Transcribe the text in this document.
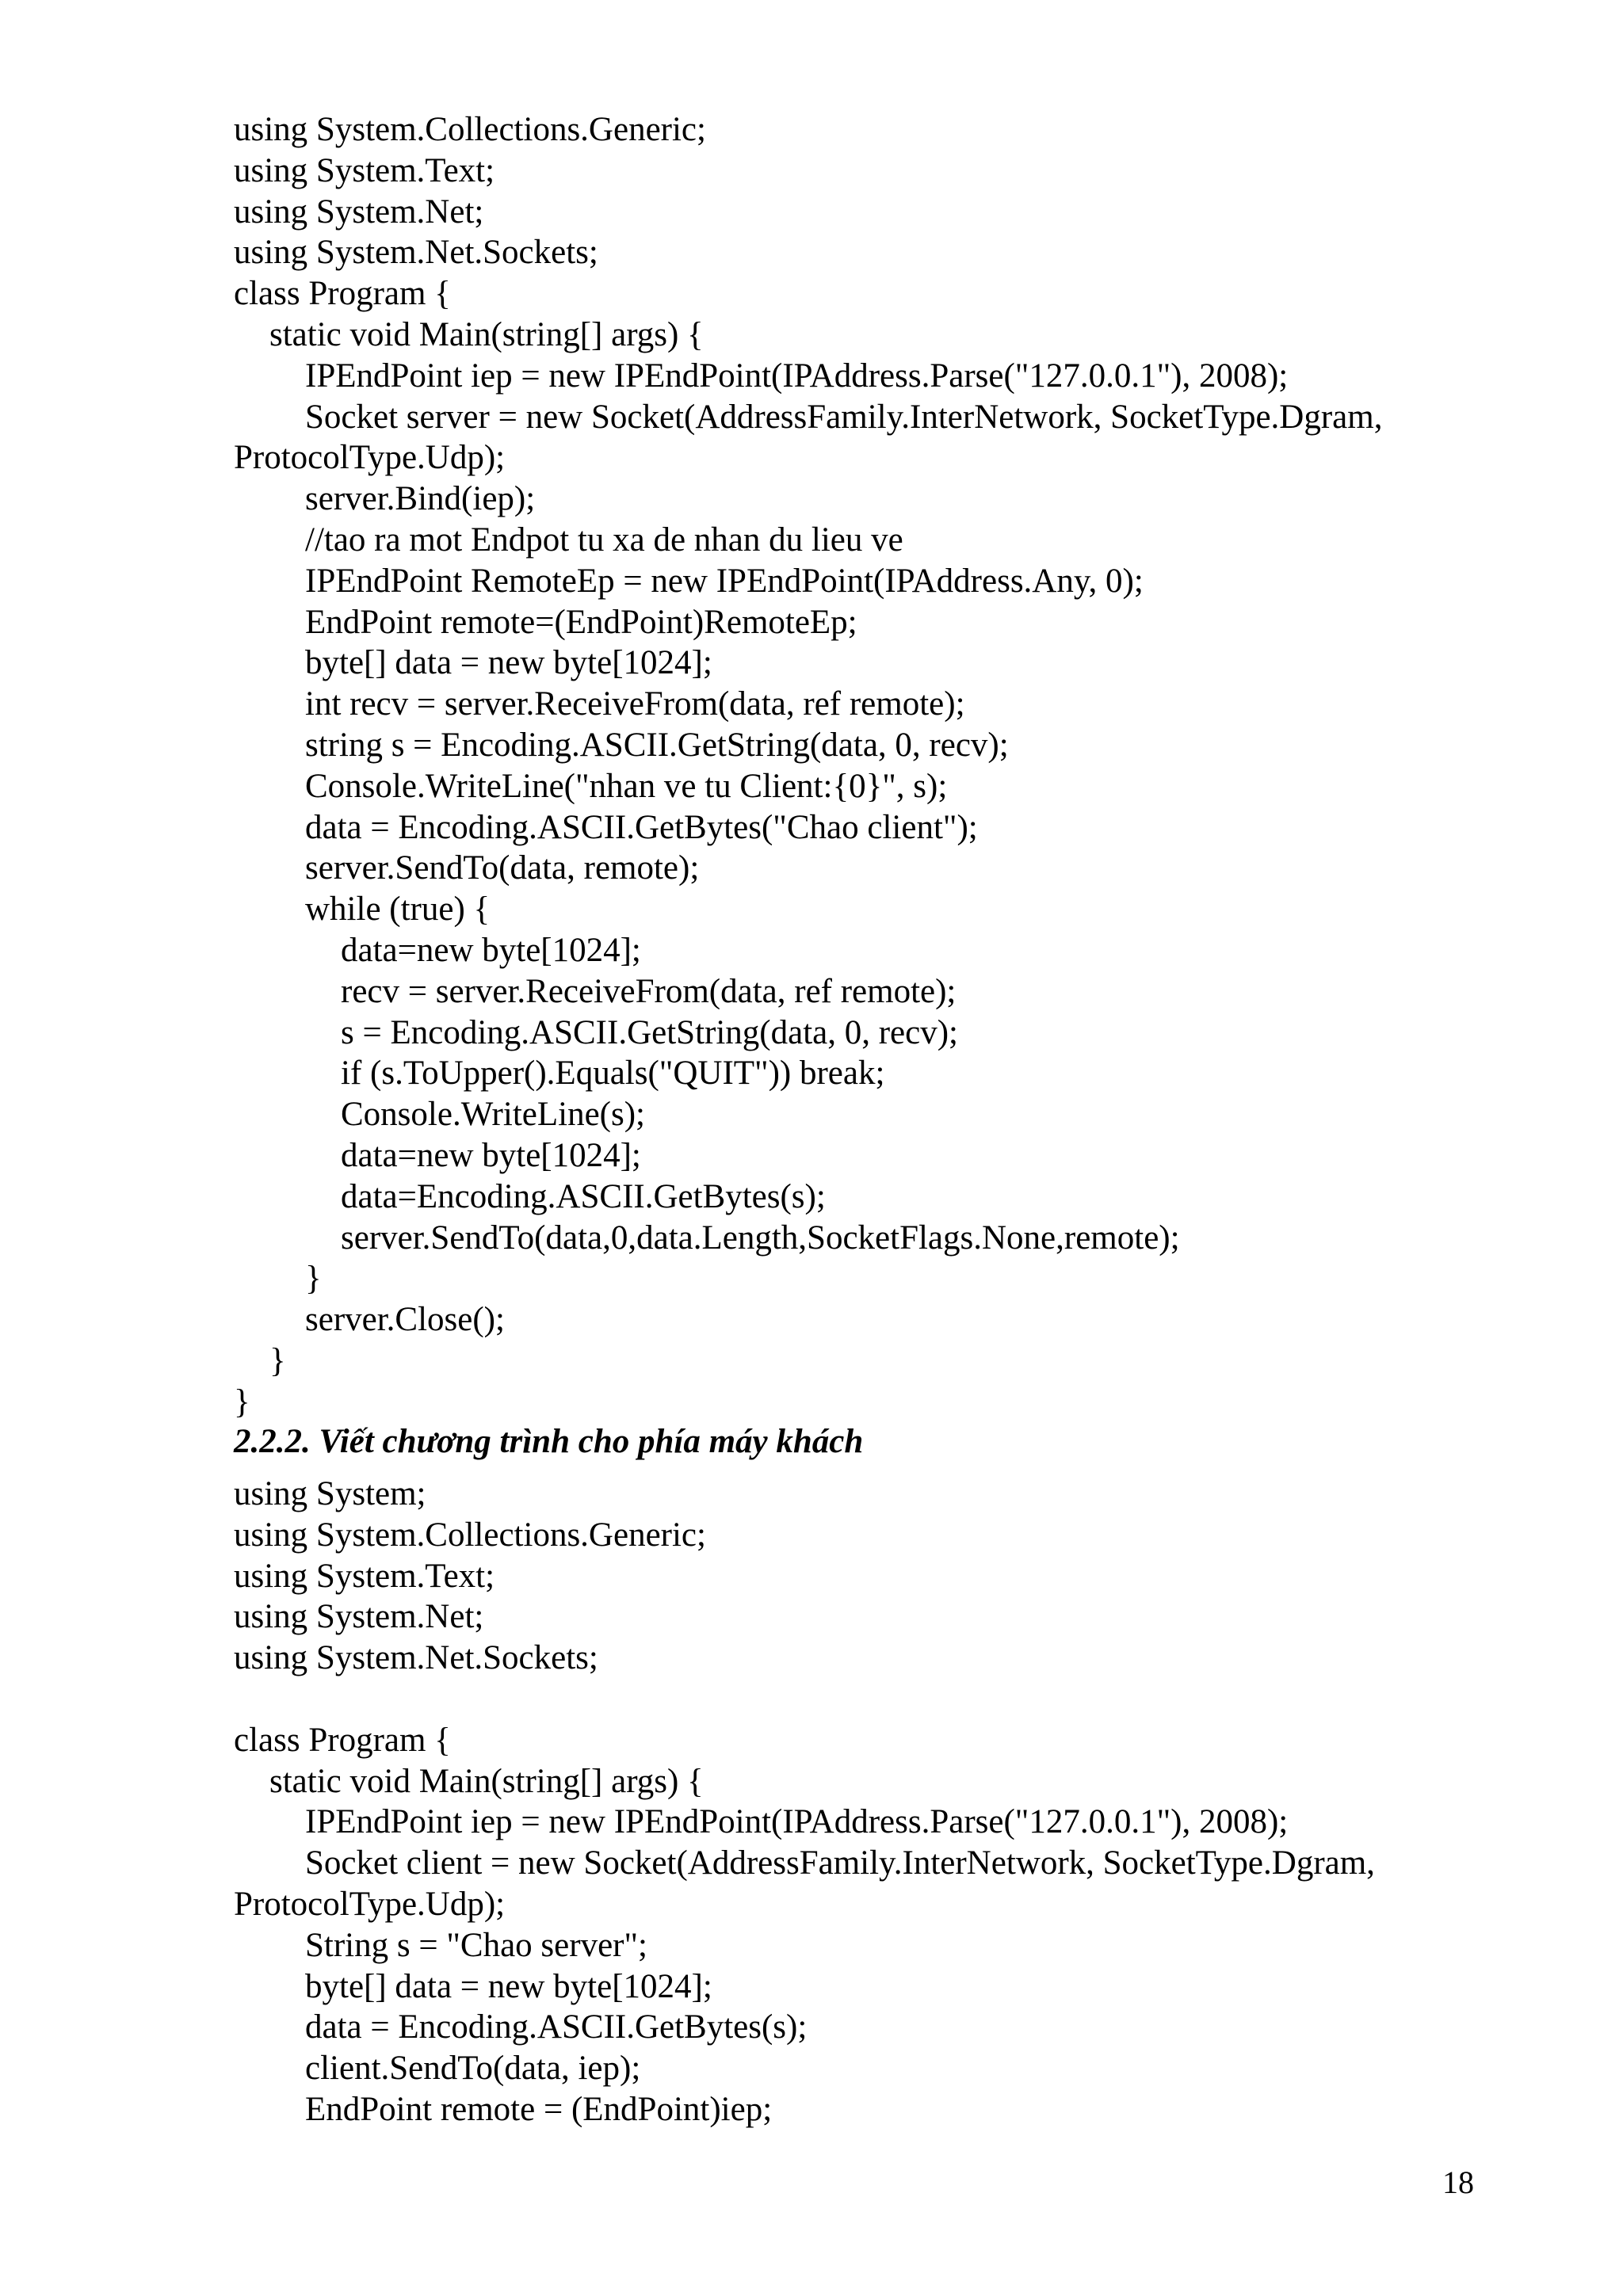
using System.Collections.Generic;
using System.Text;
using System.Net;
using System.Net.Sockets;
class Program {
static void Main(string[] args) {
IPEndPoint iep = new IPEndPoint(IPAddress.Parse("127.0.0.1"), 2008);
Socket server = new Socket(AddressFamily.InterNetwork, SocketType.Dgram,
ProtocolType.Udp);
server.Bind(iep);
//tao ra mot Endpot tu xa de nhan du lieu ve
IPEndPoint RemoteEp = new IPEndPoint(IPAddress.Any, 0);
EndPoint remote=(EndPoint)RemoteEp;
byte[] data = new byte[1024];
int recv = server.ReceiveFrom(data, ref remote);
string s = Encoding.ASCII.GetString(data, 0, recv);
Console.WriteLine("nhan ve tu Client:{0}", s);
data = Encoding.ASCII.GetBytes("Chao client");
server.SendTo(data, remote);
while (true) {
data=new byte[1024];
recv = server.ReceiveFrom(data, ref remote);
s = Encoding.ASCII.GetString(data, 0, recv);
if (s.ToUpper().Equals("QUIT")) break;
Console.WriteLine(s);
data=new byte[1024];
data=Encoding.ASCII.GetBytes(s);
server.SendTo(data,0,data.Length,SocketFlags.None,remote);
}
server.Close();
}
}
2.2.2. Viết chương trình cho phía máy khách
using System;
using System.Collections.Generic;
using System.Text;
using System.Net;
using System.Net.Sockets;
class Program {
static void Main(string[] args) {
IPEndPoint iep = new IPEndPoint(IPAddress.Parse("127.0.0.1"), 2008);
Socket client = new Socket(AddressFamily.InterNetwork, SocketType.Dgram,
ProtocolType.Udp);
String s = "Chao server";
byte[] data = new byte[1024];
data = Encoding.ASCII.GetBytes(s);
client.SendTo(data, iep);
EndPoint remote = (EndPoint)iep;
18
